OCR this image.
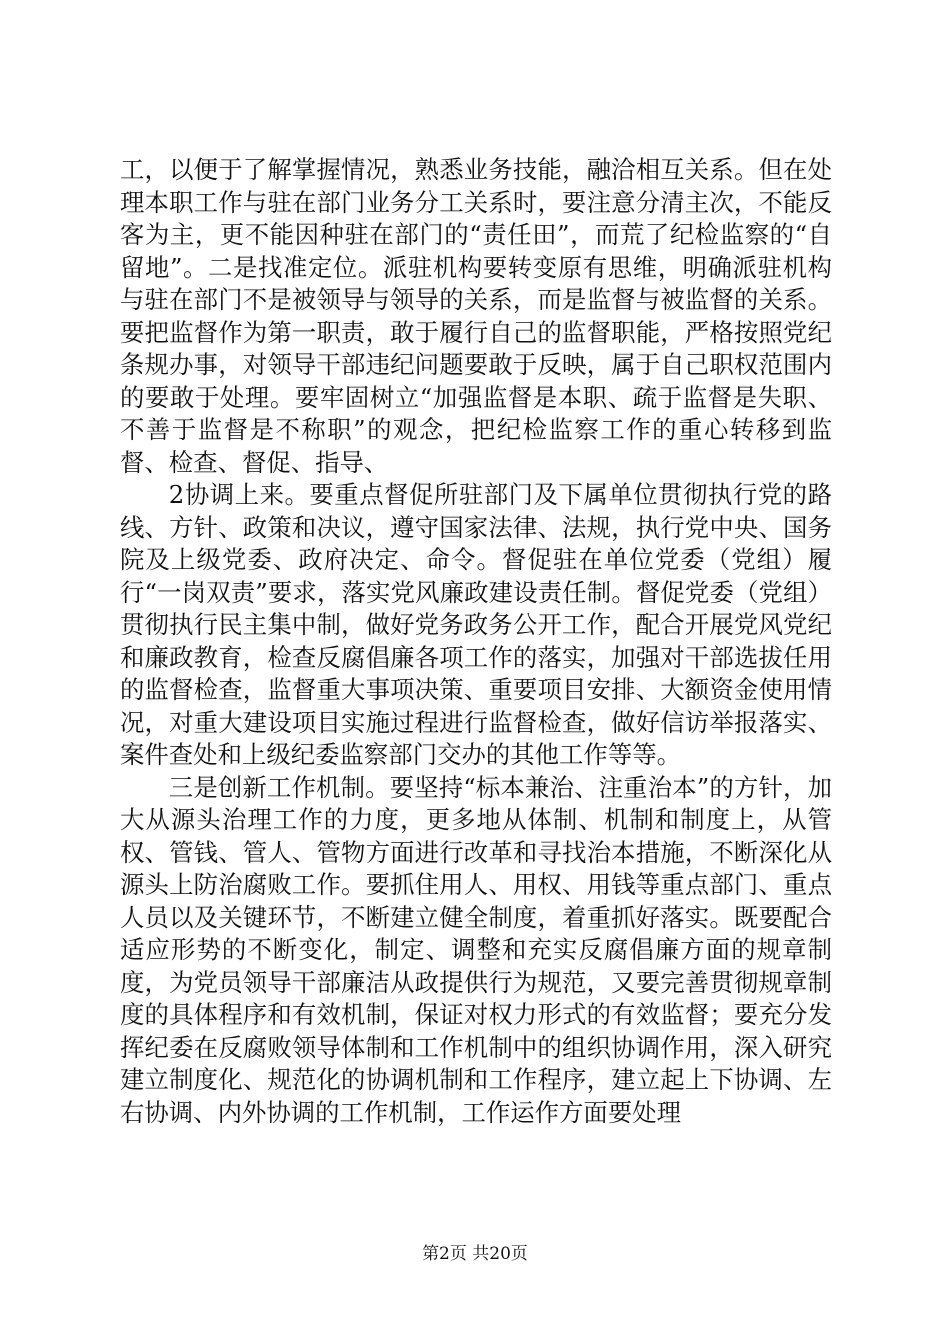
工，以便于了解掌握情况，熟悉业务技能，融洽相互关系。但在处理本职工作与驻在部门业务分工关系时，要注意分清主次，不能反客为主，更不能因种驻在部门的“责任田”，而荒了纪检监察的“自留地”。二是找准定位。派驻机构要转变原有思维，明确派驻机构与驻在部门不是被领导与领导的关系，而是监督与被监督的关系。要把监督作为第一职责，敢于履行自己的监督职能，严格按照党纪条规办事，对领导干部违纪问题要敢于反映，属于自己职权范围内的要敢于处理。要牢固树立“加强监督是本职、疏于监督是失职、不善于监督是不称职”的观念，把纪检监察工作的重心转移到监督、检查、督促、指导、

2协调上来。要重点督促所驻部门及下属单位贯彻执行党的路线、方针、政策和决议，遵守国家法律、法规，执行党中央、国务院及上级党委、政府决定、命令。督促驻在单位党委（党组）履行“一岗双责”要求，落实党风廉政建设责任制。督促党委（党组）贯彻执行民主集中制，做好党务政务公开工作，配合开展党风党纪和廉政教育，检查反腐倡廉各项工作的落实，加强对干部选拔任用的监督检查，监督重大事项决策、重要项目安排、大额资金使用情况，对重大建设项目实施过程进行监督检查，做好信访举报落实、案件查处和上级纪委监察部门交办的其他工作等等。

三是创新工作机制。要坚持“标本兼治、注重治本”的方针，加大从源头治理工作的力度，更多地从体制、机制和制度上，从管权、管钱、管人、管物方面进行改革和寻找治本措施，不断深化从源头上防治腐败工作。要抓住用人、用权、用钱等重点部门、重点人员以及关键环节，不断建立健全制度，着重抓好落实。既要配合适应形势的不断变化，制定、调整和充实反腐倡廉方面的规章制度，为党员领导干部廉洁从政提供行为规范，又要完善贯彻规章制度的具体程序和有效机制，保证对权力形式的有效监督；要充分发挥纪委在反腐败领导体制和工作机制中的组织协调作用，深入研究建立制度化、规范化的协调机制和工作程序，建立起上下协调、左右协调、内外协调的工作机制，工作运作方面要处理

第2页 共20页
